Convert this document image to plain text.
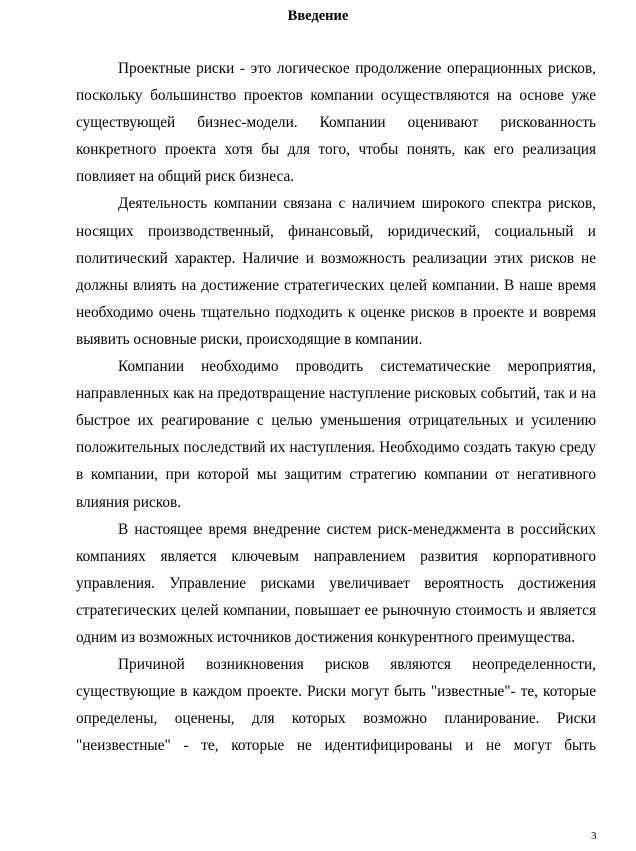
Введение

Проектные риски - это логическое продолжение операционных рисков, поскольку большинство проектов компании осуществляются на основе уже существующей бизнес-модели. Компании оценивают рискованность конкретного проекта хотя бы для того, чтобы понять, как его реализация повлияет на общий риск бизнеса.

Деятельность компании связана с наличием широкого спектра рисков, носящих производственный, финансовый, юридический, социальный и политический характер. Наличие и возможность реализации этих рисков не должны влиять на достижение стратегических целей компании. В наше время необходимо очень тщательно подходить к оценке рисков в проекте и вовремя выявить основные риски, происходящие в компании.

Компании необходимо проводить систематические мероприятия, направленных как на предотвращение наступление рисковых событий, так и на быстрое их реагирование с целью уменьшения отрицательных и усилению положительных последствий их наступления. Необходимо создать такую среду в компании, при которой мы защитим стратегию компании от негативного влияния рисков.

В настоящее время внедрение систем риск-менеджмента в российских компаниях является ключевым направлением развития корпоративного управления. Управление рисками увеличивает вероятность достижения стратегических целей компании, повышает ее рыночную стоимость и является одним из возможных источников достижения конкурентного преимущества.

Причиной возникновения рисков являются неопределенности, существующие в каждом проекте. Риски могут быть "известные"- те, которые определены, оценены, для которых возможно планирование. Риски "неизвестные" - те, которые не идентифицированы и не могут быть

3
